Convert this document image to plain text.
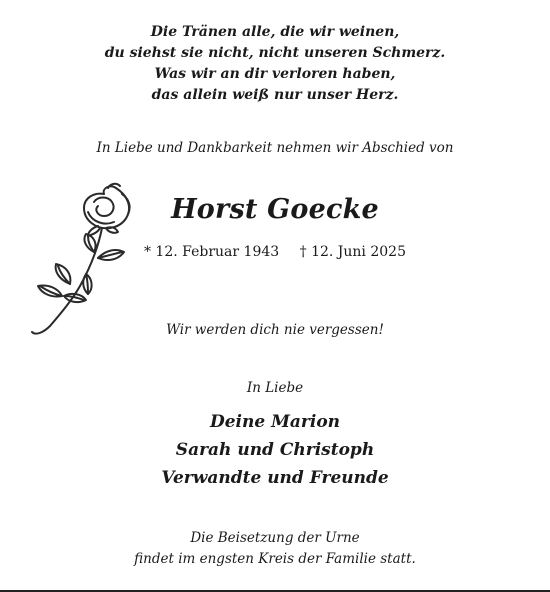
Die Tränen alle, die wir weinen,
du siehst sie nicht, nicht unseren Schmerz.
Was wir an dir verloren haben,
das allein weiß nur unser Herz.
In Liebe und Dankbarkeit nehmen wir Abschied von
Horst Goecke
* 12. Februar 1943 † 12. Juni 2025
Wir werden dich nie vergessen!
In Liebe
Deine Marion
Sarah und Christoph
Verwandte und Freunde
Die Beisetzung der Urne
findet im engsten Kreis der Familie statt.
